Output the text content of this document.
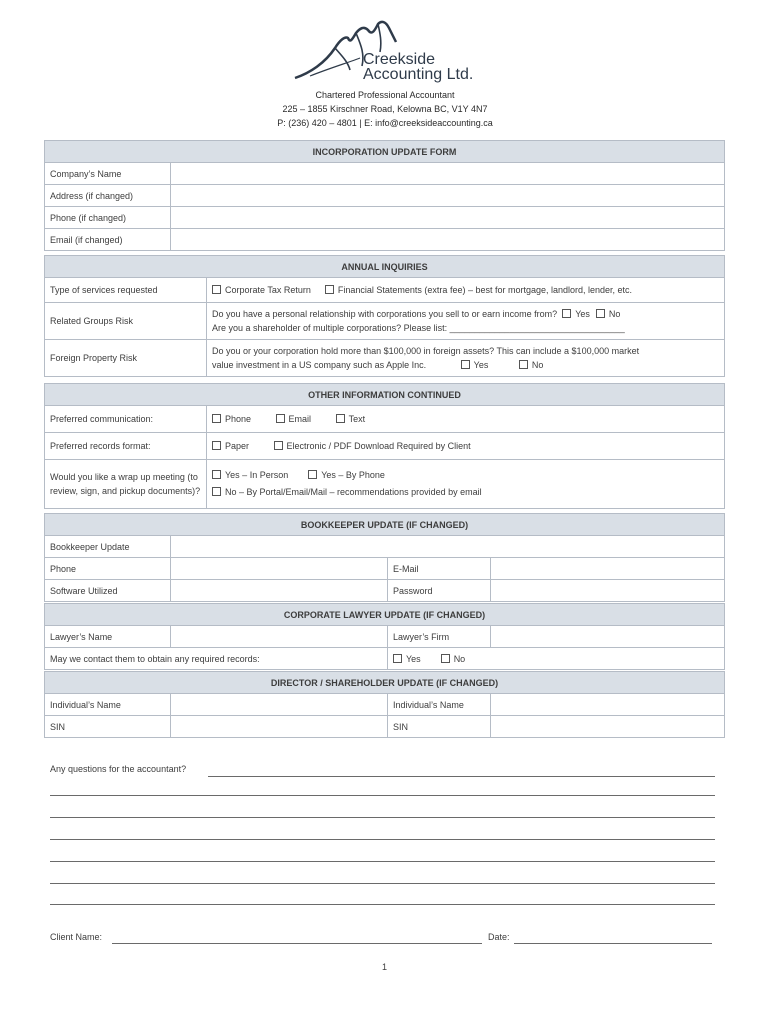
Creekside
Accounting Ltd.
Chartered Professional Accountant
225 – 1855 Kirschner Road, Kelowna BC, V1Y 4N7
P: (236) 420 – 4801 | E: info@creeksideaccounting.ca
INCORPORATION UPDATE FORM	
Company’s Name	
Address (if changed)	
Phone (if changed)	
Email (if changed)	
ANNUAL INQUIRIES	
Type of services requested	Corporate Tax Return Financial Statements (extra fee) – best for mortgage, landlord, lender, etc.
Related Groups Risk	Do you have a personal relationship with corporations you sell to or earn income from? Yes No
Are you a shareholder of multiple corporations? Please list: ___________________________________

Foreign Property Risk	Do you or your corporation hold more than $100,000 in foreign assets? This can include a $100,000 market
value investment in a US company such as Apple Inc. Yes No
OTHER INFORMATION CONTINUED	
Preferred communication:	Phone Email Text
Preferred records format:	Paper Electronic / PDF Download Required by Client
Would you like a wrap up meeting (to review, sign, and pickup documents)?	Yes – In Person Yes – By Phone
No – By Portal/Email/Mail – recommendations provided by email
BOOKKEEPER UPDATE (IF CHANGED)			
Bookkeeper Update			
Phone		E-Mail	
Software Utilized		Password	
CORPORATE LAWYER UPDATE (IF CHANGED)			
Lawyer’s Name		Lawyer’s Firm	
May we contact them to obtain any required records:		Yes No	
DIRECTOR / SHAREHOLDER UPDATE (IF CHANGED)			
Individual’s Name		Individual’s Name	
SIN		SIN	
Any questions for the accountant?
Client Name:	Date:
1
